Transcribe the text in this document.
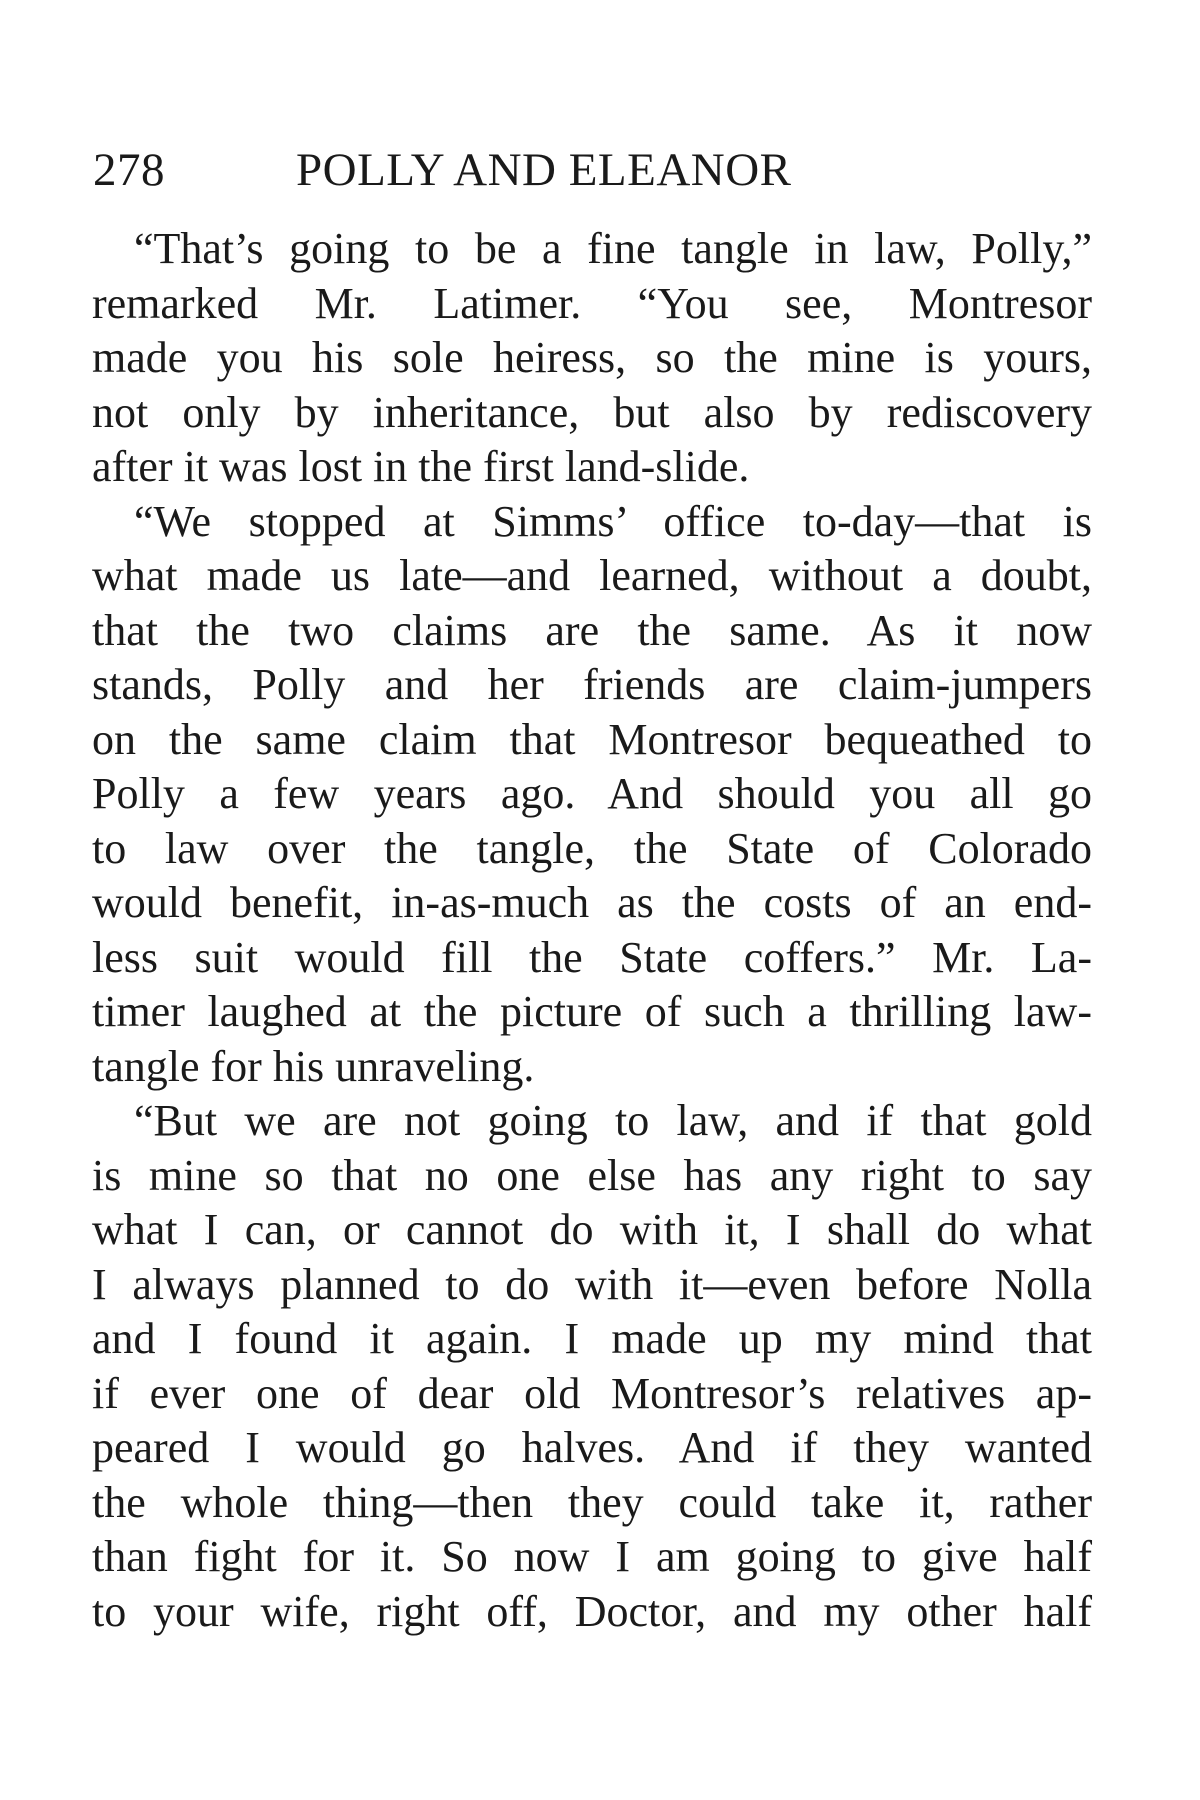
278	POLLY AND ELEANOR
“That’s going to be a fine tangle in law, Polly,”
remarked Mr. Latimer. “You see, Montresor
made you his sole heiress, so the mine is yours,
not only by inheritance, but also by rediscovery
after it was lost in the first land-slide.
“We stopped at Simms’ office to-day—that is
what made us late—and learned, without a doubt,
that the two claims are the same. As it now
stands, Polly and her friends are claim-jumpers
on the same claim that Montresor bequeathed to
Polly a few years ago. And should you all go
to law over the tangle, the State of Colorado
would benefit, in-as-much as the costs of an end-
less suit would fill the State coffers.” Mr. La-
timer laughed at the picture of such a thrilling law-
tangle for his unraveling.
“But we are not going to law, and if that gold
is mine so that no one else has any right to say
what I can, or cannot do with it, I shall do what
I always planned to do with it—even before Nolla
and I found it again. I made up my mind that
if ever one of dear old Montresor’s relatives ap-
peared I would go halves. And if they wanted
the whole thing—then they could take it, rather
than fight for it. So now I am going to give half
to your wife, right off, Doctor, and my other half
